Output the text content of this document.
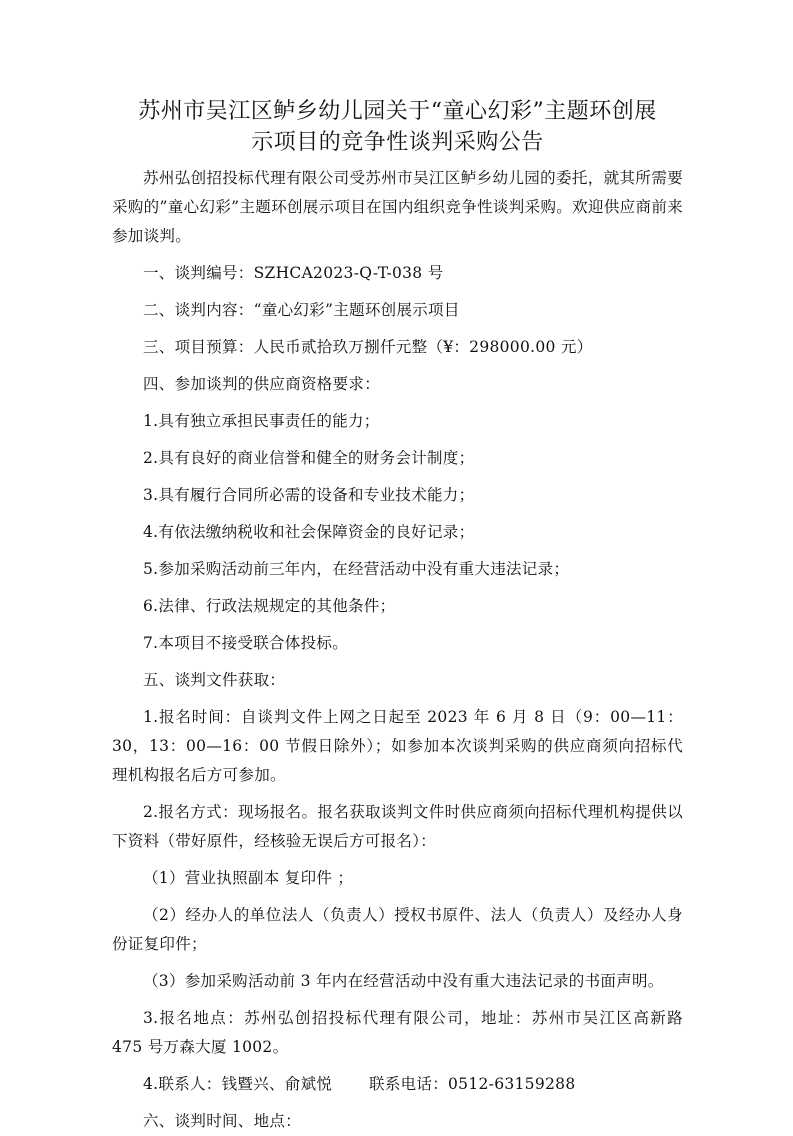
苏州市吴江区鲈乡幼儿园关于“童心幻彩”主题环创展
示项目的竞争性谈判采购公告

苏州弘创招投标代理有限公司受苏州市吴江区鲈乡幼儿园的委托，就其所需要采购的”童心幻彩”主题环创展示项目在国内组织竞争性谈判采购。欢迎供应商前来参加谈判。

一、谈判编号：SZHCA2023-Q-T-038 号

二、谈判内容：“童心幻彩”主题环创展示项目

三、项目预算：人民币贰拾玖万捌仟元整（¥：298000.00 元）

四、参加谈判的供应商资格要求：

1.具有独立承担民事责任的能力；

2.具有良好的商业信誉和健全的财务会计制度；

3.具有履行合同所必需的设备和专业技术能力；

4.有依法缴纳税收和社会保障资金的良好记录；

5.参加采购活动前三年内，在经营活动中没有重大违法记录；

6.法律、行政法规规定的其他条件；

7.本项目不接受联合体投标。

五、谈判文件获取：

1.报名时间：自谈判文件上网之日起至 2023 年 6 月 8 日（9：00—11：30，13：00—16：00 节假日除外）；如参加本次谈判采购的供应商须向招标代理机构报名后方可参加。

2.报名方式：现场报名。报名获取谈判文件时供应商须向招标代理机构提供以下资料（带好原件，经核验无误后方可报名）：

（1）营业执照副本 复印件 ；

（2）经办人的单位法人（负责人）授权书原件、法人（负责人）及经办人身份证复印件；

（3）参加采购活动前 3 年内在经营活动中没有重大违法记录的书面声明。

3.报名地点：苏州弘创招投标代理有限公司，地址：苏州市吴江区高新路 475 号万森大厦 1002。

4.联系人：钱暨兴、俞斌悦　　 联系电话：0512-63159288

六、谈判时间、地点：
